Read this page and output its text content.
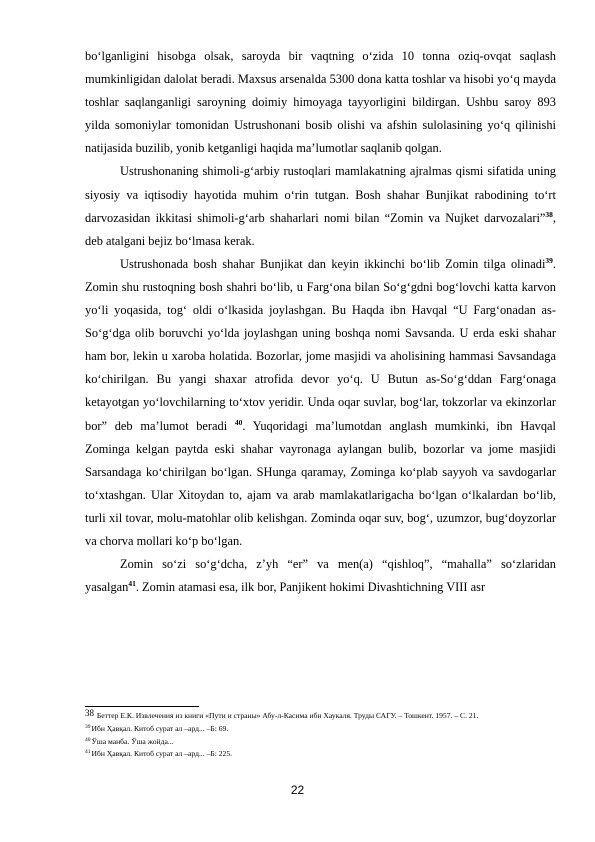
bo‘lganligini hisobga olsak, saroyda bir vaqtning o‘zida 10 tonna oziq-ovqat saqlash mumkinligidan dalolat beradi. Maxsus arsenalda 5300 dona katta toshlar va hisobi yo‘q mayda toshlar saqlanganligi saroyning doimiy himoyaga tayyorligini bildirgan. Ushbu saroy 893 yilda somoniylar tomonidan Ustrushonani bosib olishi va afshin sulolasining yo‘q qilinishi natijasida buzilib, yonib ketganligi haqida ma’lumotlar saqlanib qolgan.

Ustrushonaning shimoli-g‘arbiy rustoqlari mamlakatning ajralmas qismi sifatida uning siyosiy va iqtisodiy hayotida muhim o‘rin tutgan. Bosh shahar Bunjikat rabodining to‘rt darvozasidan ikkitasi shimoli-g‘arb shaharlari nomi bilan “Zomin va Nujket darvozalari”$^{38}$, deb atalgani bejiz bo‘lmasa kerak.

Ustrushonada bosh shahar Bunjikat dan keyin ikkinchi bo‘lib Zomin tilga olinadi$^{39}$. Zomin shu rustoqning bosh shahri bo‘lib, u Farg‘ona bilan So‘g‘gdni bog‘lovchi katta karvon yo‘li yoqasida, tog‘ oldi o‘lkasida joylashgan. Bu Haqda ibn Havqal “U Farg‘onadan as-So‘g‘dga olib boruvchi yo‘lda joylashgan uning boshqa nomi Savsanda. U erda eski shahar ham bor, lekin u xaroba holatida. Bozorlar, jome masjidi va aholisining hammasi Savsandaga ko‘chirilgan. Bu yangi shaxar atrofida devor yo‘q. U Butun as-So‘g‘ddan Farg‘onaga ketayotgan yo‘lovchilarning to‘xtov yeridir. Unda oqar suvlar, bog‘lar, tokzorlar va ekinzorlar bor” deb ma’lumot beradi $^{40}$. Yuqoridagi ma’lumotdan anglash mumkinki, ibn Havqal Zominga kelgan paytda eski shahar vayronaga aylangan bulib, bozorlar va jome masjidi Sarsandaga ko‘chirilgan bo‘lgan. SHunga qaramay, Zominga ko‘plab sayyoh va savdogarlar to‘xtashgan. Ular Xitoydan to, ajam va arab mamlakatlarigacha bo‘lgan o‘lkalardan bo‘lib, turli xil tovar, molu-matohlar olib kelishgan. Zominda oqar suv, bog‘, uzumzor, bug‘doyzorlar va chorva mollari ko‘p bo‘lgan.

Zomin so‘zi so‘g‘dcha, z’yh “er” va men(a) “qishloq”, “mahalla” so‘zlaridan yasalgan$^{41}$. Zomin atamasi esa, ilk bor, Panjikent hokimi Divashtichning VIII asr

38 Беттер Е.К. Извлечения из книги «Пути и страны» Абу-л-Касима ибн Хаукаля. Труды САГУ. – Тошкент. 1957. – С. 21.

$^{39}$Ибн Ҳавқал. Китоб сурат ал –ард... –Б: 69.

$^{40}$Ўша манба. Ўша жойда...

$^{41}$Ибн Ҳавқал. Китоб сурат ал –ард... –Б: 225.

22
